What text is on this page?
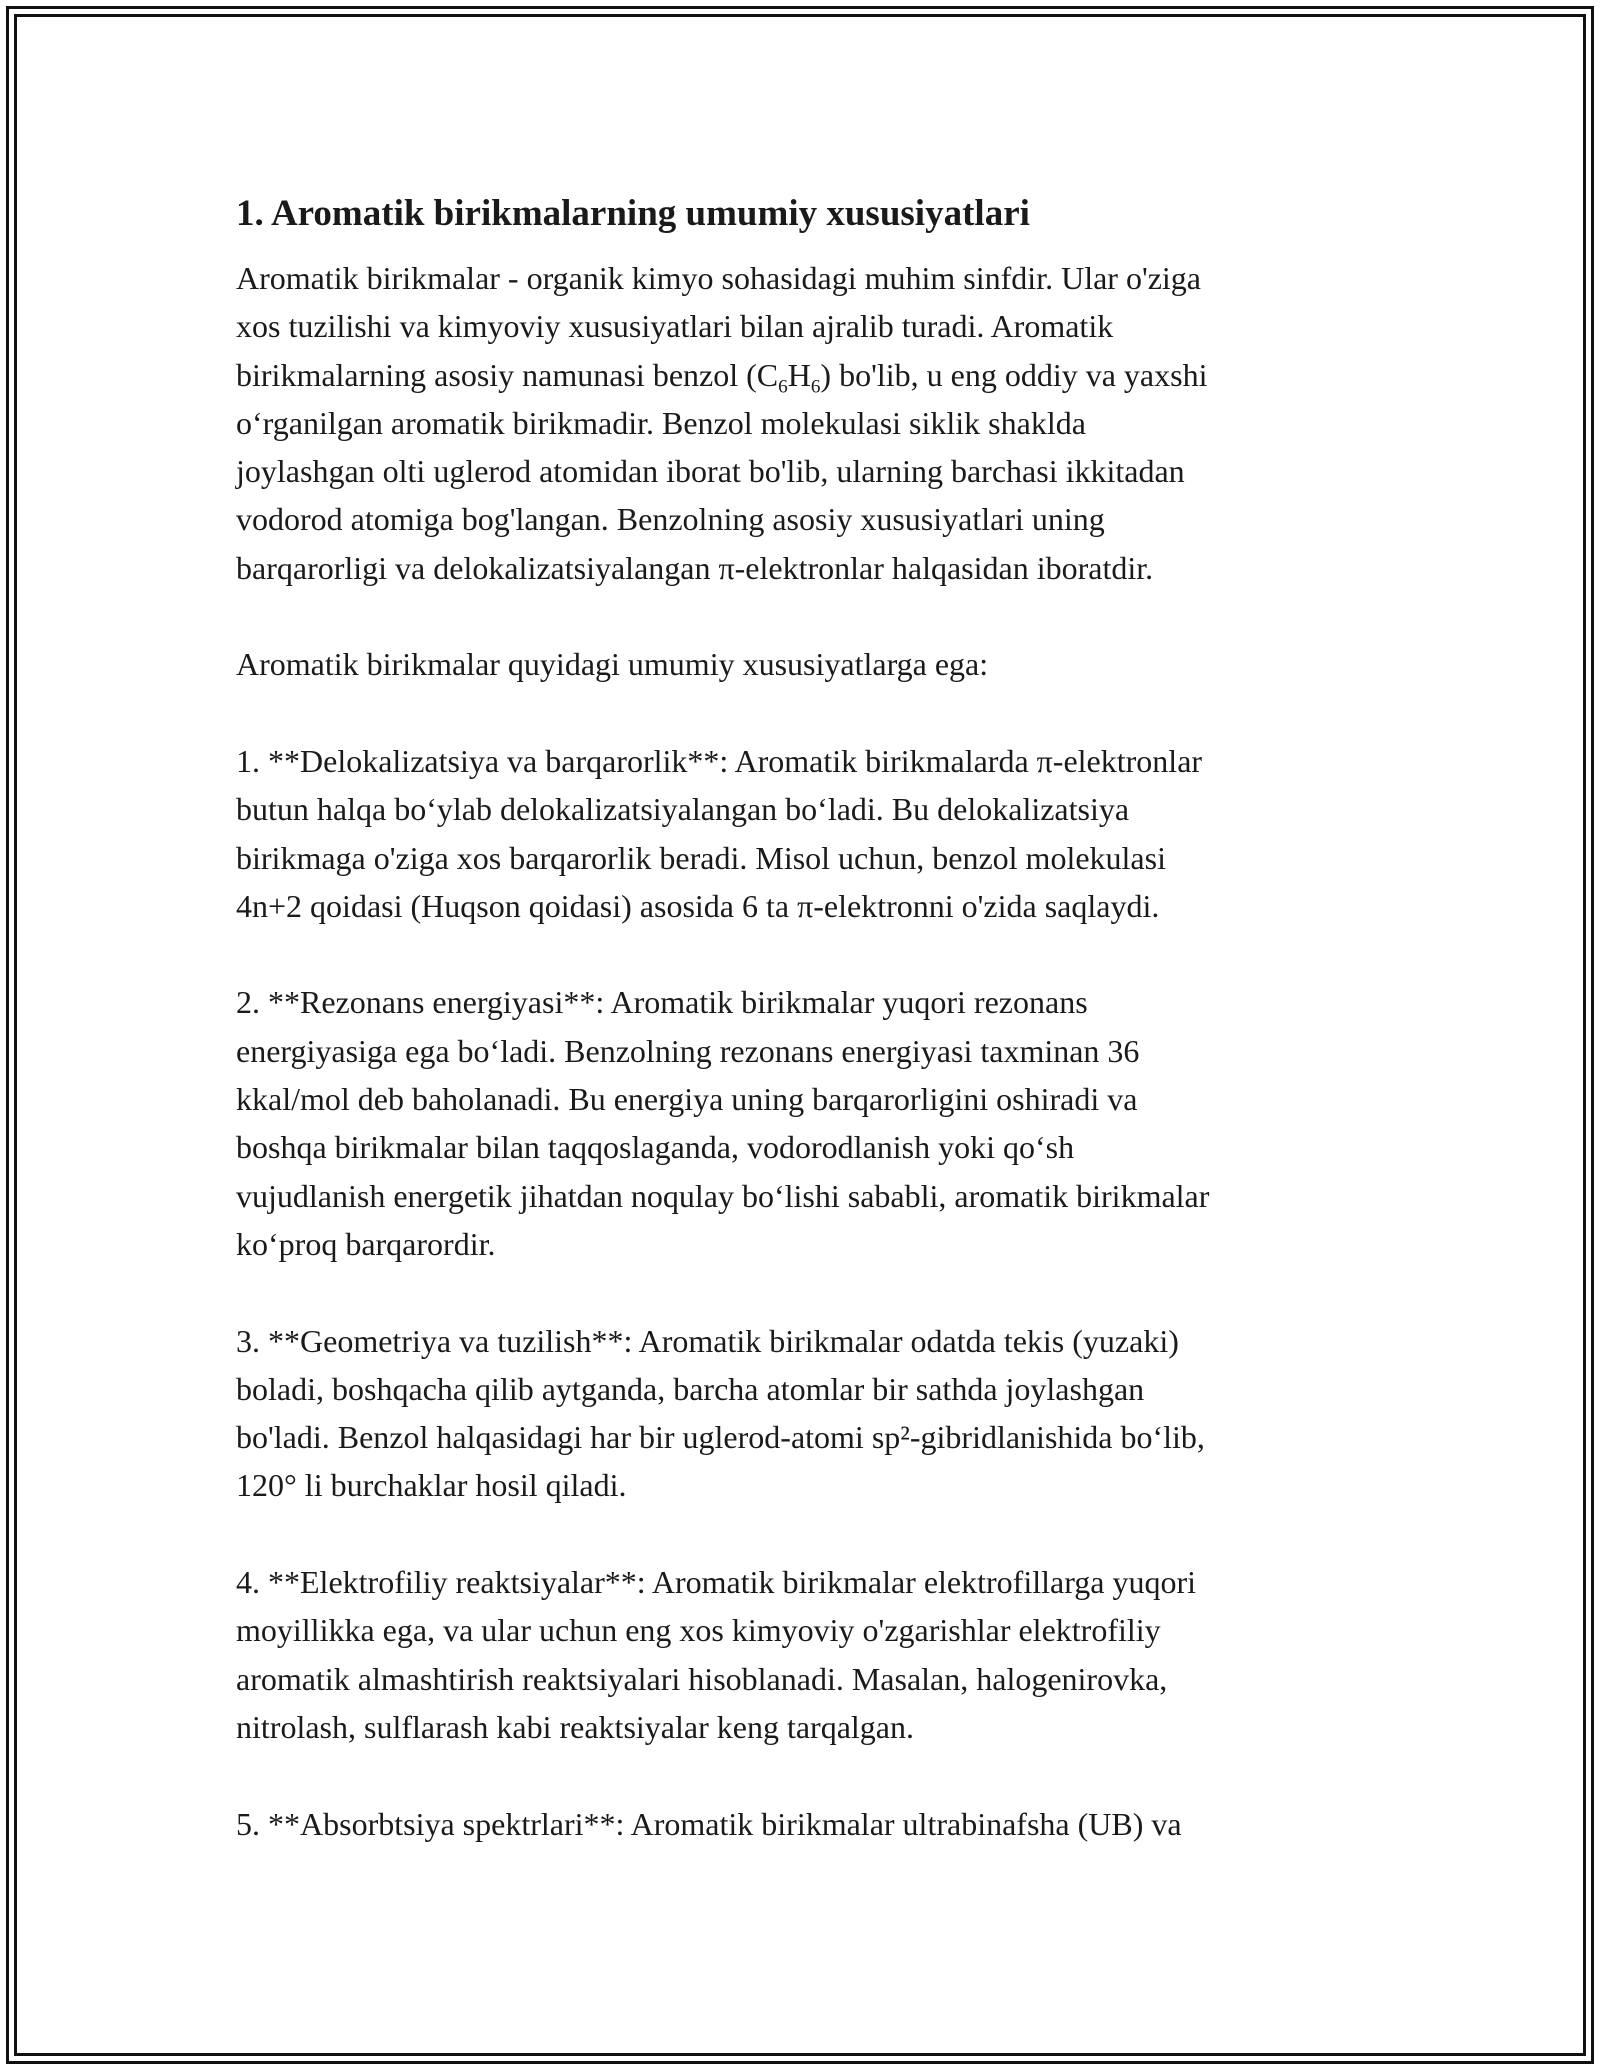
1. Aromatik birikmalarning umumiy xususiyatlari

Aromatik birikmalar - organik kimyo sohasidagi muhim sinfdir. Ular o'ziga
xos tuzilishi va kimyoviy xususiyatlari bilan ajralib turadi. Aromatik
birikmalarning asosiy namunasi benzol $(C_6H_6)$ bo'lib, u eng oddiy va yaxshi
o‘rganilgan aromatik birikmadir. Benzol molekulasi siklik shaklda
joylashgan olti uglerod atomidan iborat bo'lib, ularning barchasi ikkitadan
vodorod atomiga bog'langan. Benzolning asosiy xususiyatlari uning
barqarorligi va delokalizatsiyalangan π-elektronlar halqasidan iboratdir.

Aromatik birikmalar quyidagi umumiy xususiyatlarga ega:

1. **Delokalizatsiya va barqarorlik**: Aromatik birikmalarda π-elektronlar
butun halqa bo‘ylab delokalizatsiyalangan bo‘ladi. Bu delokalizatsiya
birikmaga o'ziga xos barqarorlik beradi. Misol uchun, benzol molekulasi
4n+2 qoidasi (Huqson qoidasi) asosida 6 ta π-elektronni o'zida saqlaydi.

2. **Rezonans energiyasi**: Aromatik birikmalar yuqori rezonans
energiyasiga ega bo‘ladi. Benzolning rezonans energiyasi taxminan 36
kkal/mol deb baholanadi. Bu energiya uning barqarorligini oshiradi va
boshqa birikmalar bilan taqqoslaganda, vodorodlanish yoki qo‘sh
vujudlanish energetik jihatdan noqulay bo‘lishi sababli, aromatik birikmalar
ko‘proq barqarordir.

3. **Geometriya va tuzilish**: Aromatik birikmalar odatda tekis (yuzaki)
boladi, boshqacha qilib aytganda, barcha atomlar bir sathda joylashgan
bo'ladi. Benzol halqasidagi har bir uglerod-atomi sp²-gibridlanishida bo‘lib,
120° li burchaklar hosil qiladi.

4. **Elektrofiliy reaktsiyalar**: Aromatik birikmalar elektrofillarga yuqori
moyillikka ega, va ular uchun eng xos kimyoviy o'zgarishlar elektrofiliy
aromatik almashtirish reaktsiyalari hisoblanadi. Masalan, halogenirovka,
nitrolash, sulflarash kabi reaktsiyalar keng tarqalgan.

5. **Absorbtsiya spektrlari**: Aromatik birikmalar ultrabinafsha (UB) va
